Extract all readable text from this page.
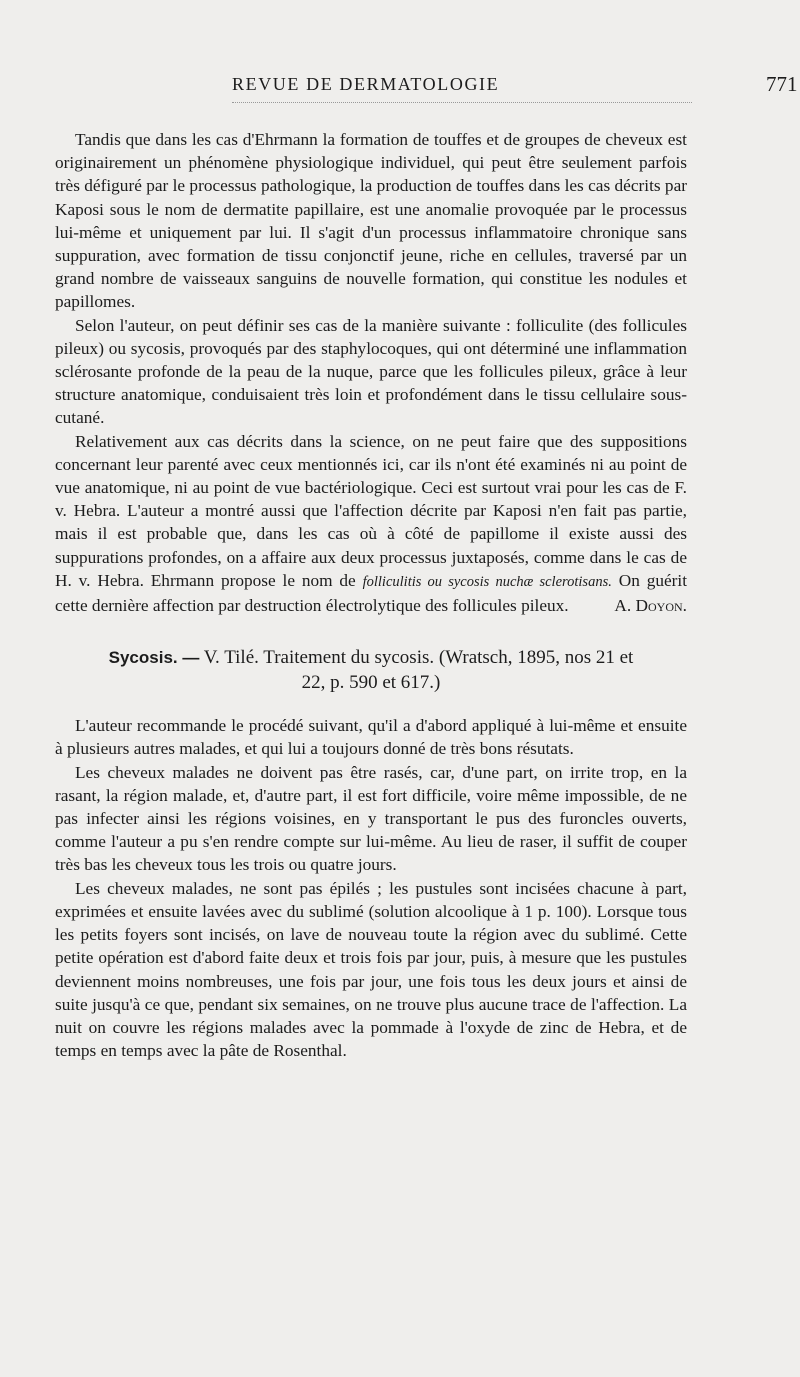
REVUE DE DERMATOLOGIE	771

Tandis que dans les cas d'Ehrmann la formation de touffes et de groupes de cheveux est originairement un phénomène physiologique individuel, qui peut être seulement parfois très défiguré par le processus pathologique, la production de touffes dans les cas décrits par Kaposi sous le nom de dermatite papillaire, est une anomalie provoquée par le processus lui-même et uniquement par lui. Il s'agit d'un processus inflammatoire chronique sans suppuration, avec formation de tissu conjonctif jeune, riche en cellules, traversé par un grand nombre de vaisseaux sanguins de nouvelle formation, qui constitue les nodules et papillomes.

Selon l'auteur, on peut définir ses cas de la manière suivante : folliculite (des follicules pileux) ou sycosis, provoqués par des staphylocoques, qui ont déterminé une inflammation sclérosante profonde de la peau de la nuque, parce que les follicules pileux, grâce à leur structure anatomique, conduisaient très loin et profondément dans le tissu cellulaire sous-cutané.

Relativement aux cas décrits dans la science, on ne peut faire que des suppositions concernant leur parenté avec ceux mentionnés ici, car ils n'ont été examinés ni au point de vue anatomique, ni au point de vue bactériologique. Ceci est surtout vrai pour les cas de F. v. Hebra. L'auteur a montré aussi que l'affection décrite par Kaposi n'en fait pas partie, mais il est probable que, dans les cas où à côté de papillome il existe aussi des suppurations profondes, on a affaire aux deux processus juxtaposés, comme dans le cas de H. v. Hebra. Ehrmann propose le nom de folliculitis ou sycosis nuchæ sclerotisans. On guérit cette dernière affection par destruction électrolytique des follicules pileux.	A. Doyon.

Sycosis. — V. Tilé. Traitement du sycosis. (Wratsch, 1895, nos 21 et
22, p. 590 et 617.)

L'auteur recommande le procédé suivant, qu'il a d'abord appliqué à lui-même et ensuite à plusieurs autres malades, et qui lui a toujours donné de très bons résutats.

Les cheveux malades ne doivent pas être rasés, car, d'une part, on irrite trop, en la rasant, la région malade, et, d'autre part, il est fort difficile, voire même impossible, de ne pas infecter ainsi les régions voisines, en y transportant le pus des furoncles ouverts, comme l'auteur a pu s'en rendre compte sur lui-même. Au lieu de raser, il suffit de couper très bas les cheveux tous les trois ou quatre jours.

Les cheveux malades, ne sont pas épilés ; les pustules sont incisées chacune à part, exprimées et ensuite lavées avec du sublimé (solution alcoolique à 1 p. 100). Lorsque tous les petits foyers sont incisés, on lave de nouveau toute la région avec du sublimé. Cette petite opération est d'abord faite deux et trois fois par jour, puis, à mesure que les pustules deviennent moins nombreuses, une fois par jour, une fois tous les deux jours et ainsi de suite jusqu'à ce que, pendant six semaines, on ne trouve plus aucune trace de l'affection. La nuit on couvre les régions malades avec la pommade à l'oxyde de zinc de Hebra, et de temps en temps avec la pâte de Rosenthal.
